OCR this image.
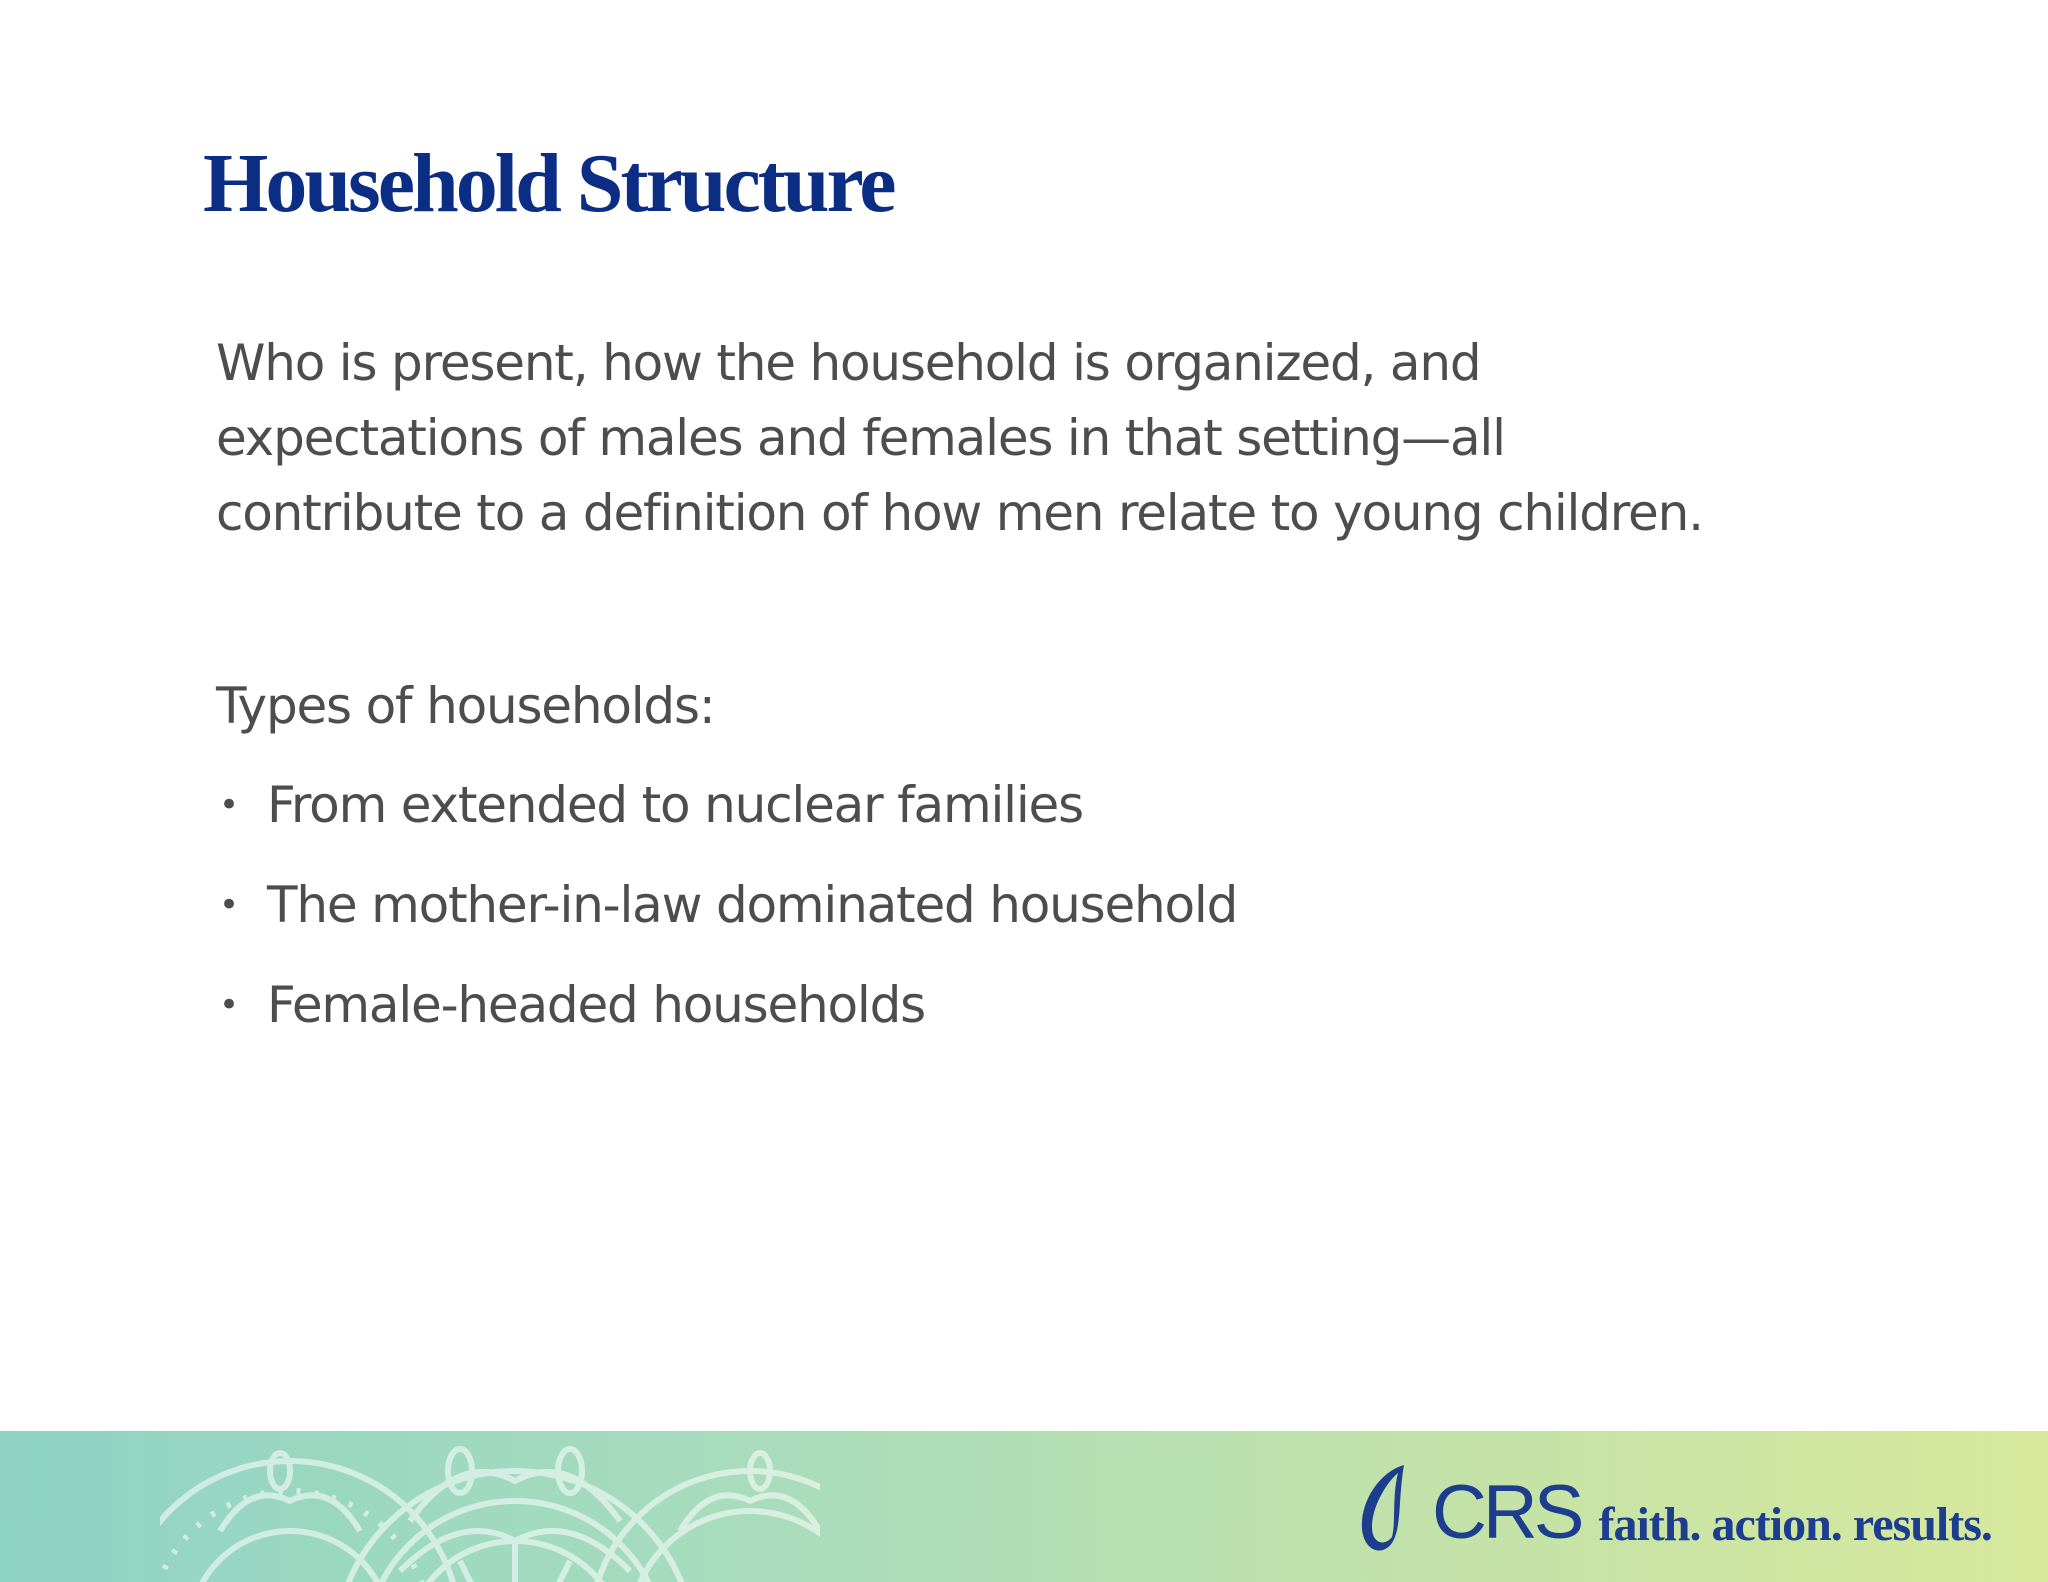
Household Structure

Who is present, how the household is organized, and
expectations of males and females in that setting—all
contribute to a definition of how men relate to young children.

Types of households:

• From extended to nuclear families
• The mother-in-law dominated household
• Female-headed households
CRS faith. action. results.
